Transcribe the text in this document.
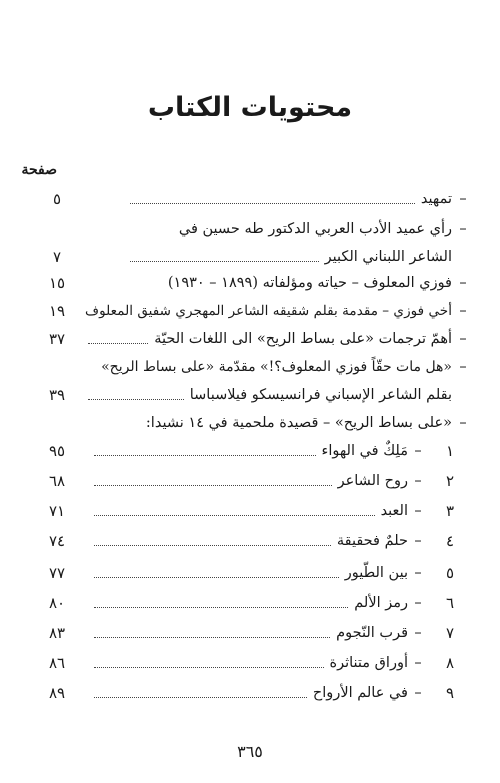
محتويات الكتاب
صفحة
–
تمهيد
٥
–
رأي عميد الأدب العربي الدكتور طه حسين في
الشاعر اللبناني الكبير
٧
–
فوزي المعلوف – حياته ومؤلفاته (١٨٩٩ – ١٩٣٠)
١٥
–
أخي فوزي – مقدمة بقلم شقيقه الشاعر المهجري شفيق المعلوف
١٩
–
أهمّ ترجمات «على بساط الريح» الى اللغات الحيّة
٣٧
–
«هل مات حقّاً فوزي المعلوف؟!» مقدّمة «على بساط الريح»
بقلم الشاعر الإسباني فرانسيسكو فيلاسباسا
٣٩
–
«على بساط الريح» – قصيدة ملحمية في ١٤ نشيدا:
١
–
مَلِكٌ في الهواء
٩٥
٢
–
روح الشاعر
٦٨
٣
–
العبد
٧١
٤
–
حلمٌ فحقيقة
٧٤
٥
–
بين الطّيور
٧٧
٦
–
رمز الألم
٨٠
٧
–
قرب النّجوم
٨٣
٨
–
أوراق متناثرة
٨٦
٩
–
في عالم الأرواح
٨٩
٣٦٥
